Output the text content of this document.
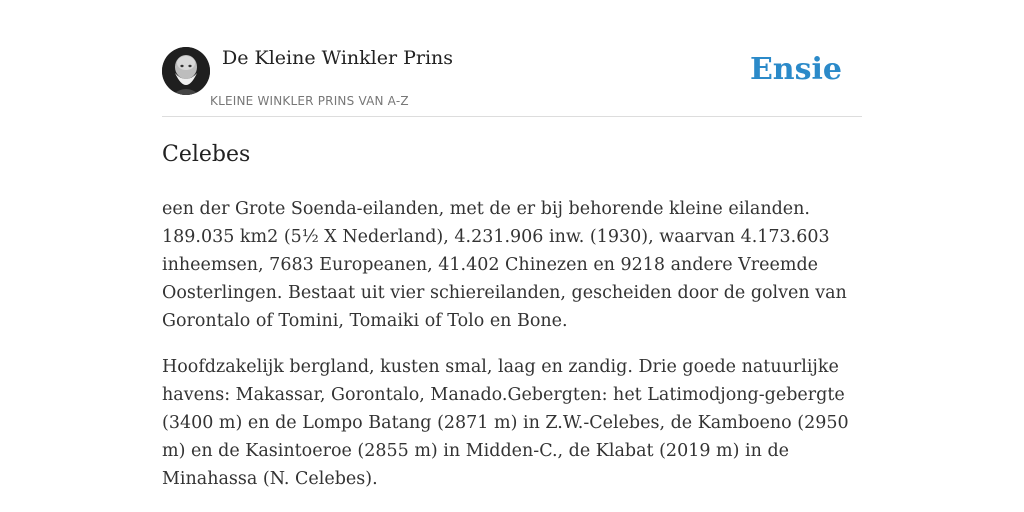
De Kleine Winkler Prins
KLEINE WINKLER PRINS VAN A-Z
Ensie
Celebes

een der Grote Soenda-eilanden, met de er bij behorende kleine eilanden. 189.035 km2 (5½ X Nederland), 4.231.906 inw. (1930), waarvan 4.173.603 inheemsen, 7683 Europeanen, 41.402 Chinezen en 9218 andere Vreemde Oosterlingen. Bestaat uit vier schiereilanden, gescheiden door de golven van Gorontalo of Tomini, Tomaiki of Tolo en Bone.

Hoofdzakelijk bergland, kusten smal, laag en zandig. Drie goede natuurlijke havens: Makassar, Gorontalo, Manado.Gebergten: het Latimodjong-gebergte (3400 m) en de Lompo Batang (2871 m) in Z.W.-Celebes, de Kamboeno (2950 m) en de Kasintoeroe (2855 m) in Midden-C., de Klabat (2019 m) in de Minahassa (N. Celebes).
